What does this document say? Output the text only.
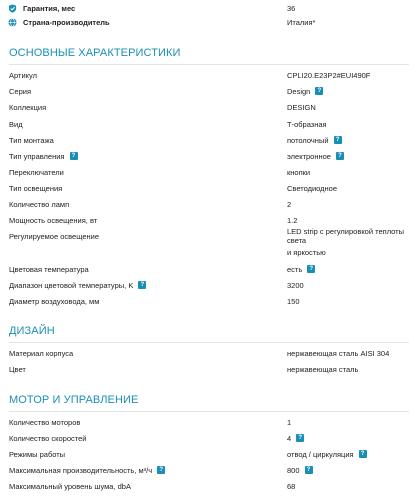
Гарантия, мес	36
Страна-производитель	Италия*
ОСНОВНЫЕ ХАРАКТЕРИСТИКИ
Артикул	CPLI20.E23P2#EUI490F
Серия	Design	?
Коллекция	DESIGN
Вид	Т-образная
Тип монтажа	потолочный	?
Тип управления	?	электронное	?
Переключатели	кнопки
Тип освещения	Светодиодное
Количество ламп	2
Мощность освещения, вт	1.2
Регулируемое освещение	LED strip с регулировкой теплоты света
и яркостью
Цветовая температура	есть	?
Диапазон цветовой температуры, K	?	3200
Диаметр воздуховода, мм	150
ДИЗАЙН
Материал корпуса	нержавеющая сталь AISI 304
Цвет	нержавеющая сталь
МОТОР И УПРАВЛЕНИЕ
Количество моторов	1
Количество скоростей	4	?
Режимы работы	отвод / циркуляция	?
Максимальная производительность, м³/ч	?	800	?
Максимальный уровень шума, dbA	68
